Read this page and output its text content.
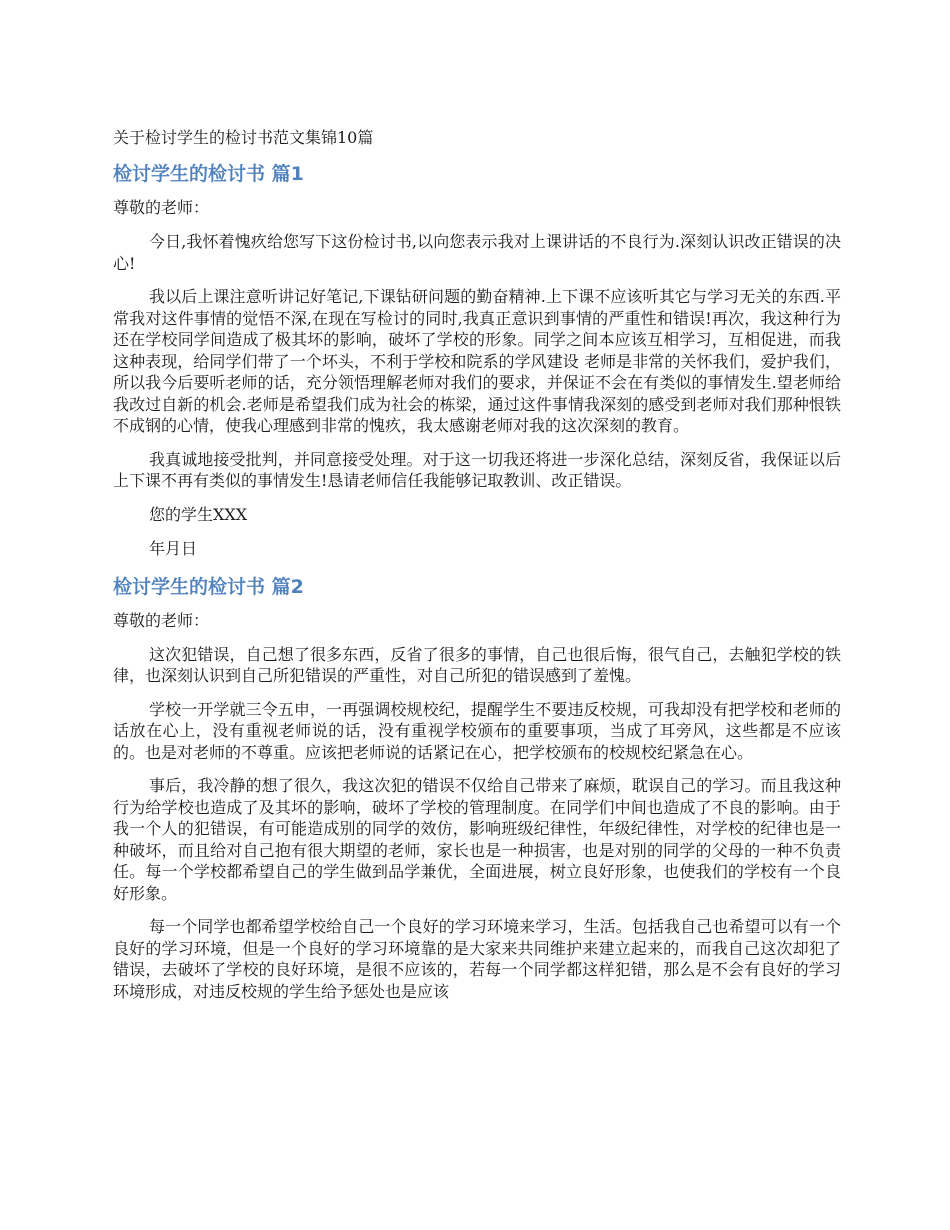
关于检讨学生的检讨书范文集锦10篇
检讨学生的检讨书 篇1
尊敬的老师：

今日,我怀着愧疚给您写下这份检讨书,以向您表示我对上课讲话的不良行为.深刻认识改正错误的决心!

我以后上课注意听讲记好笔记,下课钻研问题的勤奋精神.上下课不应该听其它与学习无关的东西.平常我对这件事情的觉悟不深,在现在写检讨的同时,我真正意识到事情的严重性和错误!再次，我这种行为还在学校同学间造成了极其坏的影响，破坏了学校的形象。同学之间本应该互相学习，互相促进，而我这种表现，给同学们带了一个坏头，不利于学校和院系的学风建设 老师是非常的关怀我们，爱护我们，所以我今后要听老师的话，充分领悟理解老师对我们的要求，并保证不会在有类似的事情发生.望老师给我改过自新的机会.老师是希望我们成为社会的栋梁，通过这件事情我深刻的感受到老师对我们那种恨铁不成钢的心情，使我心理感到非常的愧疚，我太感谢老师对我的这次深刻的教育。

我真诚地接受批判，并同意接受处理。对于这一切我还将进一步深化总结，深刻反省，我保证以后上下课不再有类似的事情发生!恳请老师信任我能够记取教训、改正错误。

您的学生XXX
年月日
检讨学生的检讨书 篇2
尊敬的老师：

这次犯错误，自己想了很多东西，反省了很多的事情，自己也很后悔，很气自己，去触犯学校的铁律，也深刻认识到自己所犯错误的严重性，对自己所犯的错误感到了羞愧。

学校一开学就三令五申，一再强调校规校纪，提醒学生不要违反校规，可我却没有把学校和老师的话放在心上，没有重视老师说的话，没有重视学校颁布的重要事项，当成了耳旁风，这些都是不应该的。也是对老师的不尊重。应该把老师说的话紧记在心，把学校颁布的校规校纪紧急在心。

事后，我冷静的想了很久，我这次犯的错误不仅给自己带来了麻烦，耽误自己的学习。而且我这种行为给学校也造成了及其坏的影响，破坏了学校的管理制度。在同学们中间也造成了不良的影响。由于我一个人的犯错误，有可能造成别的同学的效仿，影响班级纪律性，年级纪律性，对学校的纪律也是一种破坏，而且给对自己抱有很大期望的老师，家长也是一种损害，也是对别的同学的父母的一种不负责任。每一个学校都希望自己的学生做到品学兼优，全面进展，树立良好形象，也使我们的学校有一个良好形象。

每一个同学也都希望学校给自己一个良好的学习环境来学习，生活。包括我自己也希望可以有一个良好的学习环境，但是一个良好的学习环境靠的是大家来共同维护来建立起来的，而我自己这次却犯了错误，去破坏了学校的良好环境，是很不应该的，若每一个同学都这样犯错，那么是不会有良好的学习环境形成，对违反校规的学生给予惩处也是应该
